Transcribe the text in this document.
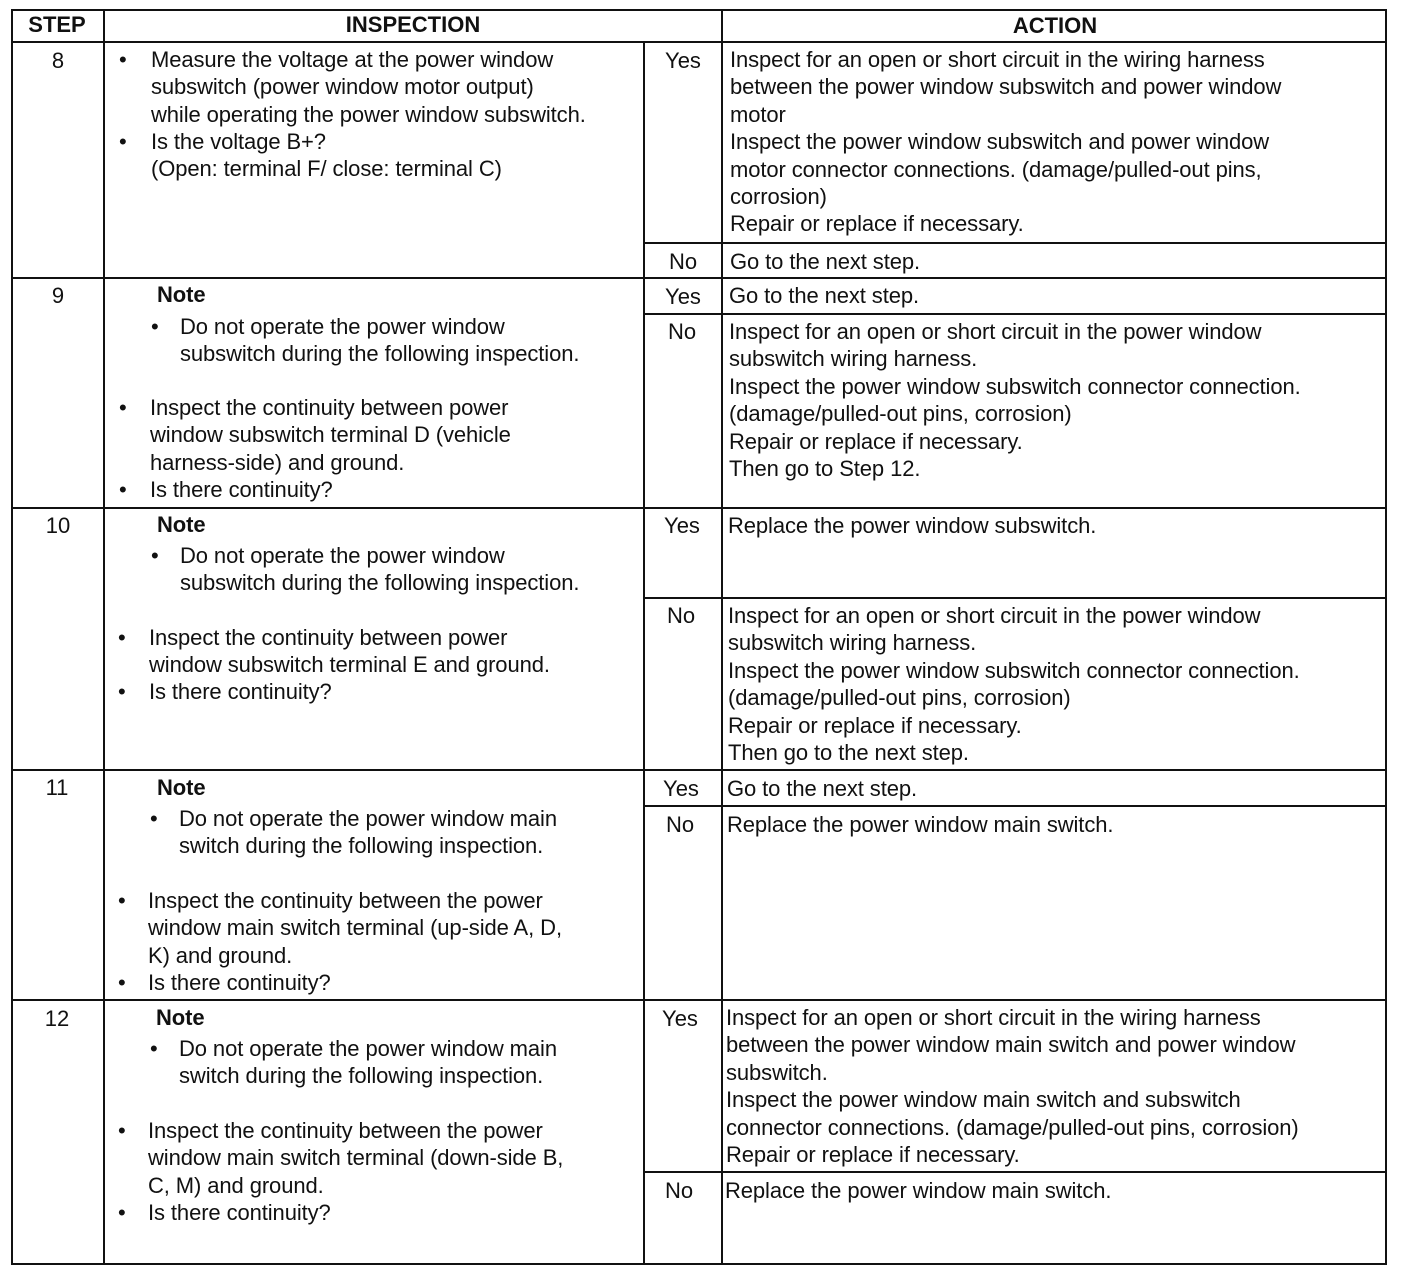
STEP	INSPECTION	ACTION
8	• Measure the voltage at the power window
subswitch (power window motor output)
while operating the power window subswitch.

• Is the voltage B+?
(Open: terminal F/ close: terminal C)

Yes	Inspect for an open or short circuit in the wiring harness
between the power window subswitch and power window
motor
Inspect the power window subswitch and power window
motor connector connections. (damage/pulled-out pins,
corrosion)
Repair or replace if necessary.

No	Go to the next step.

9	Note
• Do not operate the power window
subswitch during the following inspection.

• Inspect the continuity between power
window subswitch terminal D (vehicle
harness-side) and ground.

• Is there continuity?

Yes	Go to the next step.

No	Inspect for an open or short circuit in the power window
subswitch wiring harness.
Inspect the power window subswitch connector connection.
(damage/pulled-out pins, corrosion)
Repair or replace if necessary.
Then go to Step 12.

10	Note
• Do not operate the power window
subswitch during the following inspection.

• Inspect the continuity between power
window subswitch terminal E and ground.

• Is there continuity?

Yes	Replace the power window subswitch.

No	Inspect for an open or short circuit in the power window
subswitch wiring harness.
Inspect the power window subswitch connector connection.
(damage/pulled-out pins, corrosion)
Repair or replace if necessary.
Then go to the next step.

11	Note
• Do not operate the power window main
switch during the following inspection.

• Inspect the continuity between the power
window main switch terminal (up-side A, D,
K) and ground.

• Is there continuity?

Yes	Go to the next step.

No	Replace the power window main switch.

12	Note
• Do not operate the power window main
switch during the following inspection.

• Inspect the continuity between the power
window main switch terminal (down-side B,
C, M) and ground.

• Is there continuity?

Yes	Inspect for an open or short circuit in the wiring harness
between the power window main switch and power window
subswitch.
Inspect the power window main switch and subswitch
connector connections. (damage/pulled-out pins, corrosion)
Repair or replace if necessary.

No	Replace the power window main switch.
